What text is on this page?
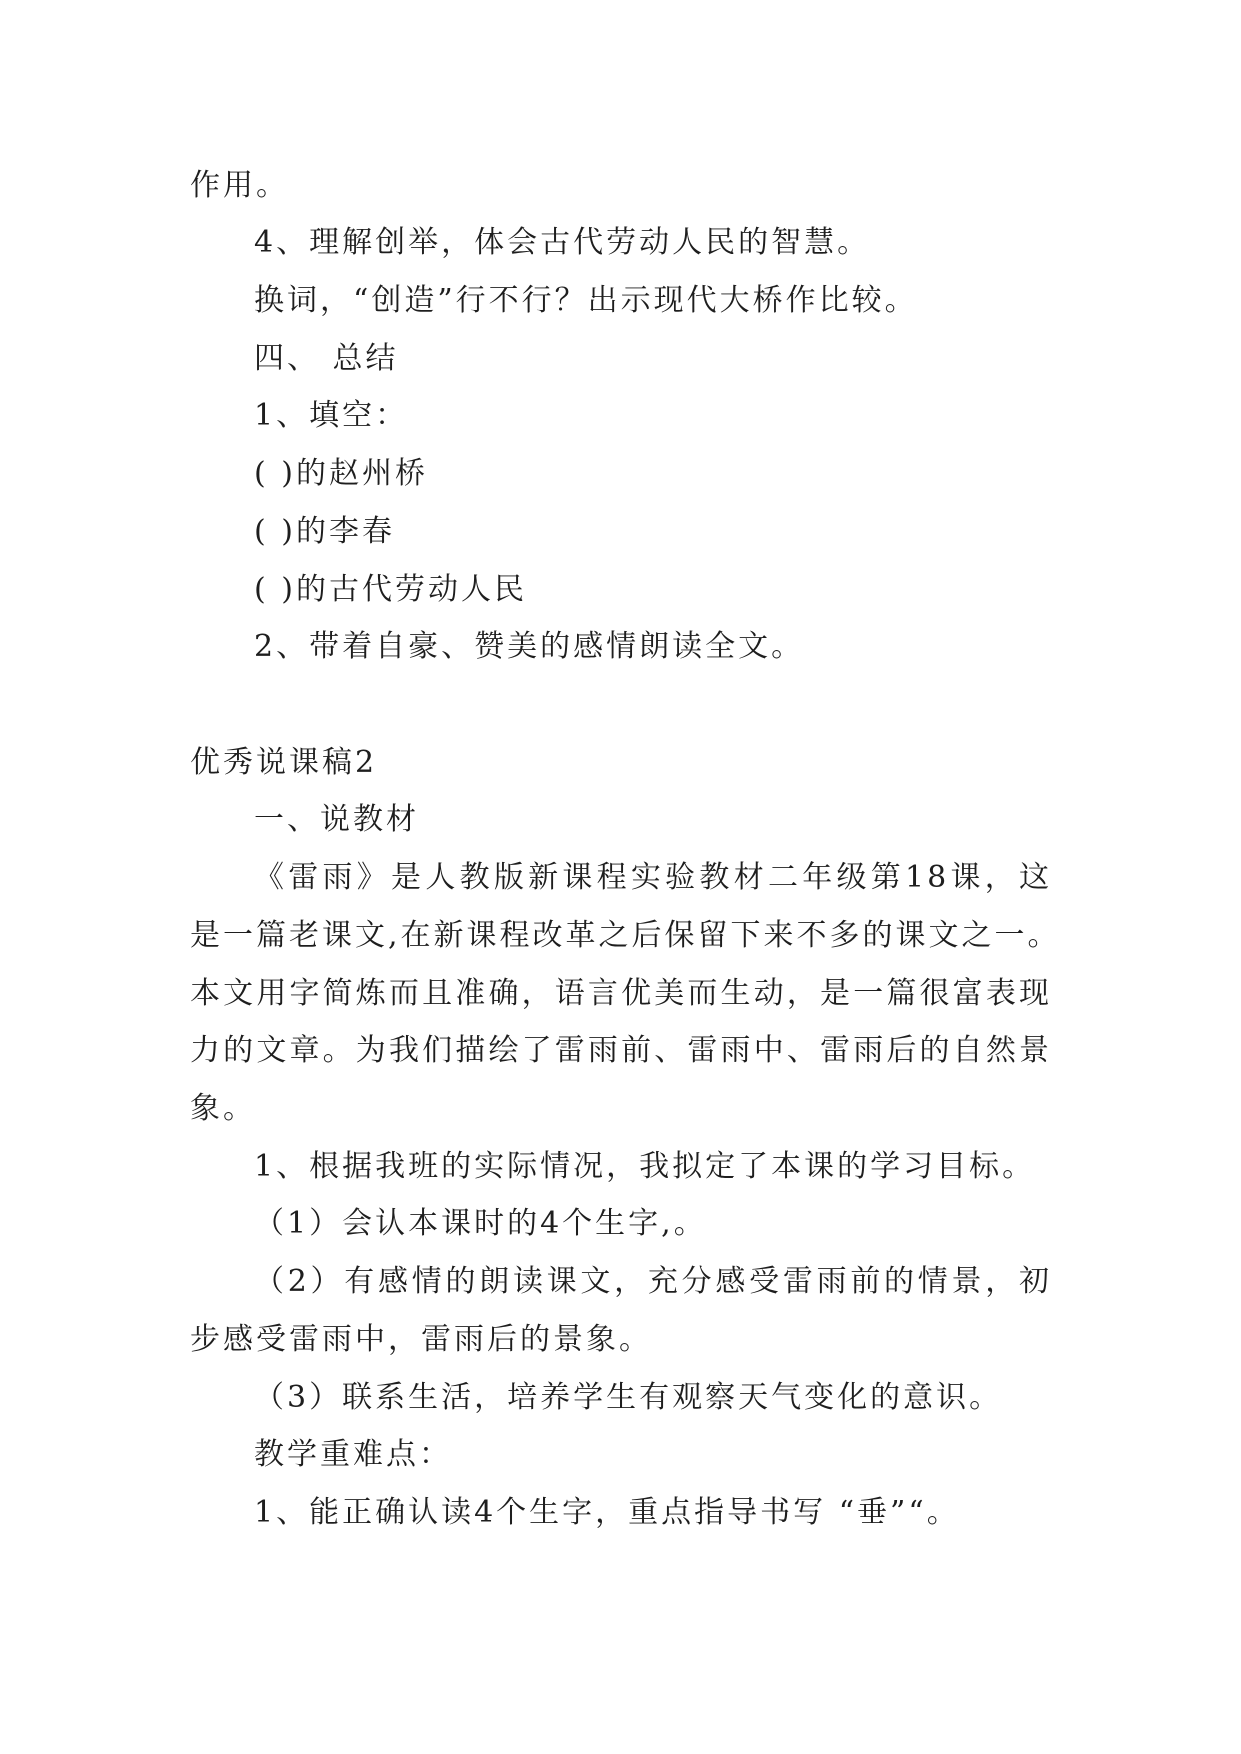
作用。
4、理解创举，体会古代劳动人民的智慧。
换词，“创造”行不行？出示现代大桥作比较。
四、 总结
1、填空：
( )的赵州桥
( )的李春
( )的古代劳动人民
2、带着自豪、赞美的感情朗读全文。
优秀说课稿2
一、说教材
《雷雨》是人教版新课程实验教材二年级第18课，这
是一篇老课文,在新课程改革之后保留下来不多的课文之一。
本文用字简炼而且准确，语言优美而生动，是一篇很富表现
力的文章。为我们描绘了雷雨前、雷雨中、雷雨后的自然景
象。
1、根据我班的实际情况，我拟定了本课的学习目标。
（1）会认本课时的4个生字,。
（2）有感情的朗读课文，充分感受雷雨前的情景，初
步感受雷雨中，雷雨后的景象。
（3）联系生活，培养学生有观察天气变化的意识。
教学重难点：
1、能正确认读4个生字，重点指导书写 “垂”“。
